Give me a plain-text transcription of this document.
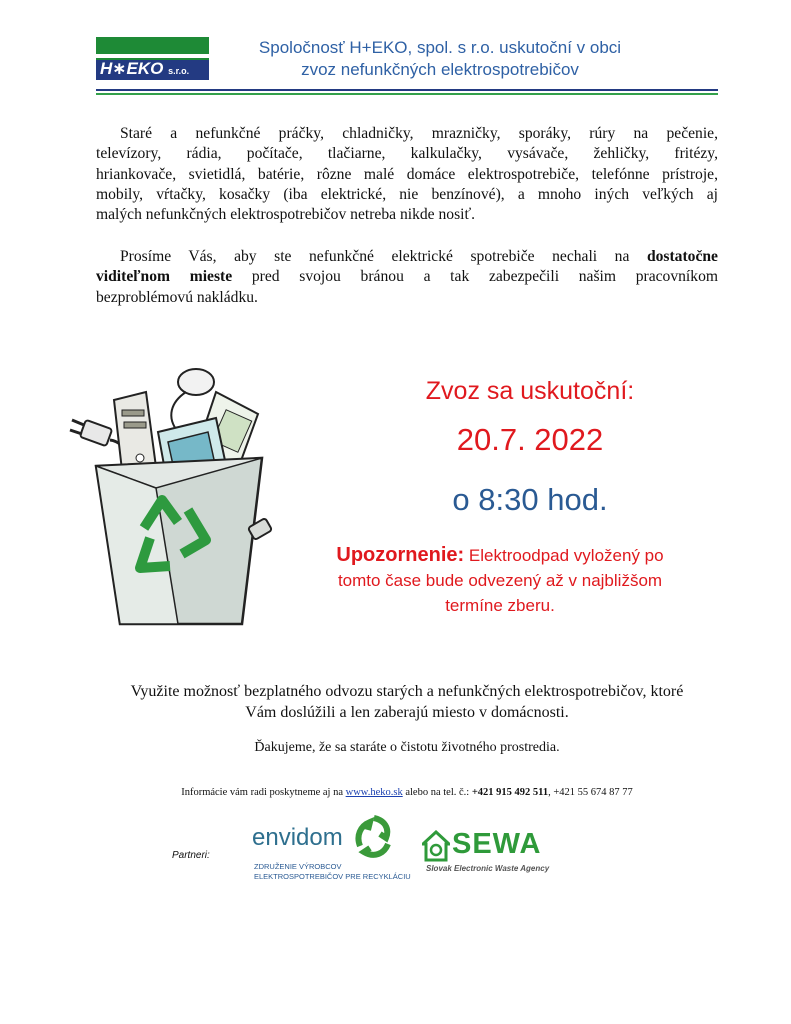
H∗EKO s.r.o.
Spoločnosť H+EKO, spol. s r.o. uskutoční v obci
zvoz nefunkčných elektrospotrebičov
Staré a nefunkčné práčky, chladničky, mrazničky, sporáky, rúry na pečenie,
televízory, rádia, počítače, tlačiarne, kalkulačky, vysávače, žehličky, fritézy,
hriankovače, svietidlá, batérie, rôzne malé domáce elektrospotrebiče, telefónne prístroje,
mobily, vŕtačky, kosačky (iba elektrické, nie benzínové), a mnoho iných veľkých aj
malých nefunkčných elektrospotrebičov netreba nikde nosiť.
Prosíme Vás, aby ste nefunkčné elektrické spotrebiče nechali na dostatočne
viditeľnom mieste pred svojou bránou a tak zabezpečili našim pracovníkom
bezproblémovú nakládku.
Zvoz sa uskutoční:
20.7. 2022
o 8:30 hod.
Upozornenie: Elektroodpad vyložený po
tomto čase bude odvezený až v najbližšom
termíne zberu.
Využite možnosť bezplatného odvozu starých a nefunkčných elektrospotrebičov, ktoré
Vám doslúžili a len zaberajú miesto v domácnosti.
Ďakujeme, že sa staráte o čistotu životného prostredia.
Informácie vám radi poskytneme aj na www.heko.sk alebo na tel. č.: +421 915 492 511, +421 55 674 87 77
Partneri:
envidom
ZDRUŽENIE VÝROBCOV
ELEKTROSPOTREBIČOV PRE RECYKLÁCIU
SEWA
Slovak Electronic Waste Agency
